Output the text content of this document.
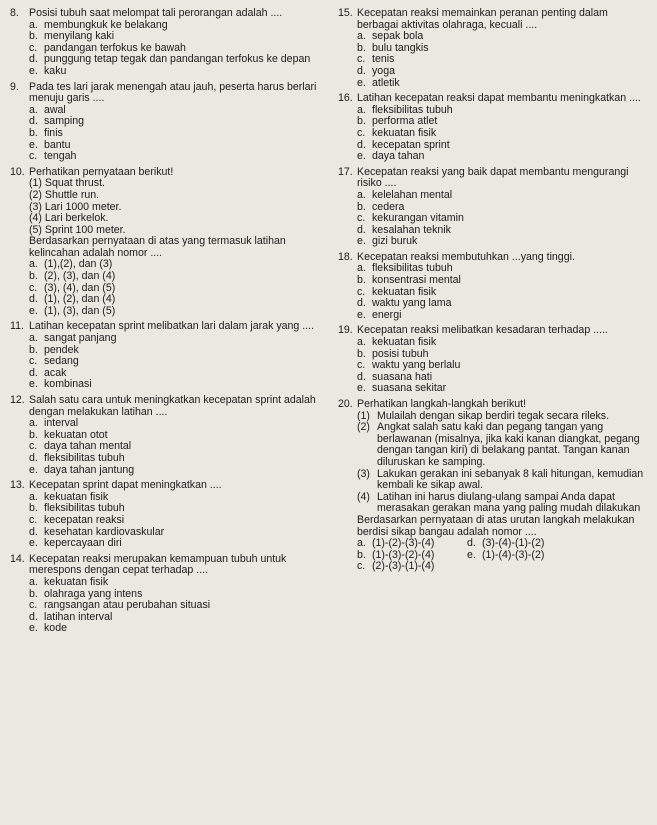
8. Posisi tubuh saat melompat tali perorangan adalah ....
a. membungkuk ke belakang
b. menyilang kaki
c. pandangan terfokus ke bawah
d. punggung tetap tegak dan pandangan terfokus ke depan
e. kaku
9. Pada tes lari jarak menengah atau jauh, peserta harus berlari menuju garis ....
a. awal
d. samping
b. finis
e. bantu
c. tengah
10. Perhatikan pernyataan berikut!
(1) Squat thrust.
(2) Shuttle run.
(3) Lari 1000 meter.
(4) Lari berkelok.
(5) Sprint 100 meter.
Berdasarkan pernyataan di atas yang termasuk latihan kelincahan adalah nomor ....
a. (1),(2), dan (3)
b. (2), (3), dan (4)
c. (3), (4), dan (5)
d. (1), (2), dan (4)
e. (1), (3), dan (5)
11. Latihan kecepatan sprint melibatkan lari dalam jarak yang ....
a. sangat panjang
b. pendek
c. sedang
d. acak
e. kombinasi
12. Salah satu cara untuk meningkatkan kecepatan sprint adalah dengan melakukan latihan ....
a. interval
b. kekuatan otot
c. daya tahan mental
d. fleksibilitas tubuh
e. daya tahan jantung
13. Kecepatan sprint dapat meningkatkan ....
a. kekuatan fisik
b. fleksibilitas tubuh
c. kecepatan reaksi
d. kesehatan kardiovaskular
e. kepercayaan diri
14. Kecepatan reaksi merupakan kemampuan tubuh untuk merespons dengan cepat terhadap ....
a. kekuatan fisik
b. olahraga yang intens
c. rangsangan atau perubahan situasi
d. latihan interval
e. kode
15. Kecepatan reaksi memainkan peranan penting dalam berbagai aktivitas olahraga, kecuali ....
a. sepak bola
b. bulu tangkis
c. tenis
d. yoga
e. atletik
16. Latihan kecepatan reaksi dapat membantu meningkatkan ....
a. fleksibilitas tubuh
b. performa atlet
c. kekuatan fisik
d. kecepatan sprint
e. daya tahan
17. Kecepatan reaksi yang baik dapat membantu mengurangi risiko ....
a. kelelahan mental
b. cedera
c. kekurangan vitamin
d. kesalahan teknik
e. gizi buruk
18. Kecepatan reaksi membutuhkan ...yang tinggi.
a. fleksibilitas tubuh
b. konsentrasi mental
c. kekuatan fisik
d. waktu yang lama
e. energi
19. Kecepatan reaksi melibatkan kesadaran terhadap .....
a. kekuatan fisik
b. posisi tubuh
c. waktu yang berlalu
d. suasana hati
e. suasana sekitar
20. Perhatikan langkah-langkah berikut!
(1) Mulailah dengan sikap berdiri tegak secara rileks.
(2) Angkat salah satu kaki dan pegang tangan yang berlawanan (misalnya, jika kaki kanan diangkat, pegang dengan tangan kiri) di belakang pantat. Tangan kanan diluruskan ke samping.
(3) Lakukan gerakan ini sebanyak 8 kali hitungan, kemudian kembali ke sikap awal.
(4) Latihan ini harus diulang-ulang sampai Anda dapat merasakan gerakan mana yang paling mudah dilakukan
Berdasarkan pernyataan di atas urutan langkah melakukan berdisi sikap bangau adalah nomor ....
a. (1)-(2)-(3)-(4)	d. (3)-(4)-(1)-(2)
b. (1)-(3)-(2)-(4)	e. (1)-(4)-(3)-(2)
c. (2)-(3)-(1)-(4)
